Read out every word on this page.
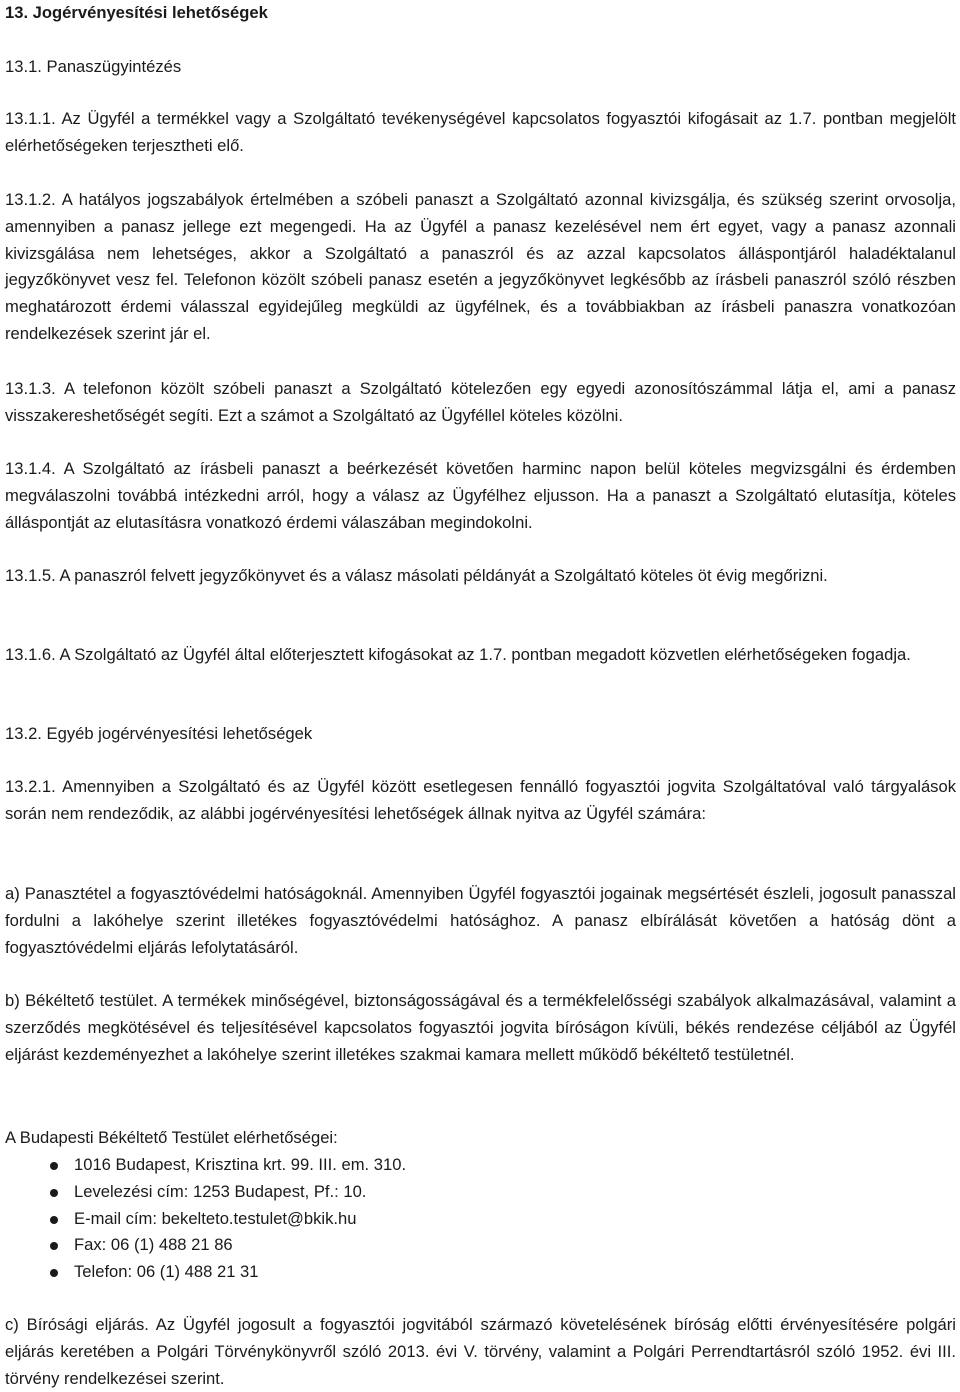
13. Jogérvényesítési lehetőségek

13.1. Panaszügyintézés

13.1.1. Az Ügyfél a termékkel vagy a Szolgáltató tevékenységével kapcsolatos fogyasztói kifogásait az 1.7. pontban megjelölt elérhetőségeken terjesztheti elő.

13.1.2. A hatályos jogszabályok értelmében a szóbeli panaszt a Szolgáltató azonnal kivizsgálja, és szükség szerint orvosolja, amennyiben a panasz jellege ezt megengedi. Ha az Ügyfél a panasz kezelésével nem ért egyet, vagy a panasz azonnali kivizsgálása nem lehetséges, akkor a Szolgáltató a panaszról és az azzal kapcsolatos álláspontjáról haladéktalanul jegyzőkönyvet vesz fel. Telefonon közölt szóbeli panasz esetén a jegyzőkönyvet legkésőbb az írásbeli panaszról szóló részben meghatározott érdemi válasszal egyidejűleg megküldi az ügyfélnek, és a továbbiakban az írásbeli panaszra vonatkozóan rendelkezések szerint jár el.

13.1.3. A telefonon közölt szóbeli panaszt a Szolgáltató kötelezően egy egyedi azonosítószámmal látja el, ami a panasz visszakereshetőségét segíti. Ezt a számot a Szolgáltató az Ügyféllel köteles közölni.

13.1.4. A Szolgáltató az írásbeli panaszt a beérkezését követően harminc napon belül köteles megvizsgálni és érdemben megválaszolni továbbá intézkedni arról, hogy a válasz az Ügyfélhez eljusson. Ha a panaszt a Szolgáltató elutasítja, köteles álláspontját az elutasításra vonatkozó érdemi válaszában megindokolni.

13.1.5. A panaszról felvett jegyzőkönyvet és a válasz másolati példányát a Szolgáltató köteles öt évig megőrizni.

13.1.6. A Szolgáltató az Ügyfél által előterjesztett kifogásokat az 1.7. pontban megadott közvetlen elérhetőségeken fogadja.

13.2. Egyéb jogérvényesítési lehetőségek

13.2.1. Amennyiben a Szolgáltató és az Ügyfél között esetlegesen fennálló fogyasztói jogvita Szolgáltatóval való tárgyalások során nem rendeződik, az alábbi jogérvényesítési lehetőségek állnak nyitva az Ügyfél számára:

a) Panasztétel a fogyasztóvédelmi hatóságoknál. Amennyiben Ügyfél fogyasztói jogainak megsértését észleli, jogosult panasszal fordulni a lakóhelye szerint illetékes fogyasztóvédelmi hatósághoz. A panasz elbírálását követően a hatóság dönt a fogyasztóvédelmi eljárás lefolytatásáról.

b) Békéltető testület. A termékek minőségével, biztonságosságával és a termékfelelősségi szabályok alkalmazásával, valamint a szerződés megkötésével és teljesítésével kapcsolatos fogyasztói jogvita bíróságon kívüli, békés rendezése céljából az Ügyfél eljárást kezdeményezhet a lakóhelye szerint illetékes szakmai kamara mellett működő békéltető testületnél.

A Budapesti Békéltető Testület elérhetőségei:

1016 Budapest, Krisztina krt. 99. III. em. 310.
Levelezési cím: 1253 Budapest, Pf.: 10.
E-mail cím: bekelteto.testulet@bkik.hu
Fax: 06 (1) 488 21 86
Telefon: 06 (1) 488 21 31

c) Bírósági eljárás. Az Ügyfél jogosult a fogyasztói jogvitából származó követelésének bíróság előtti érvényesítésére polgári eljárás keretében a Polgári Törvénykönyvről szóló 2013. évi V. törvény, valamint a Polgári Perrendtartásról szóló 1952. évi III. törvény rendelkezései szerint.
